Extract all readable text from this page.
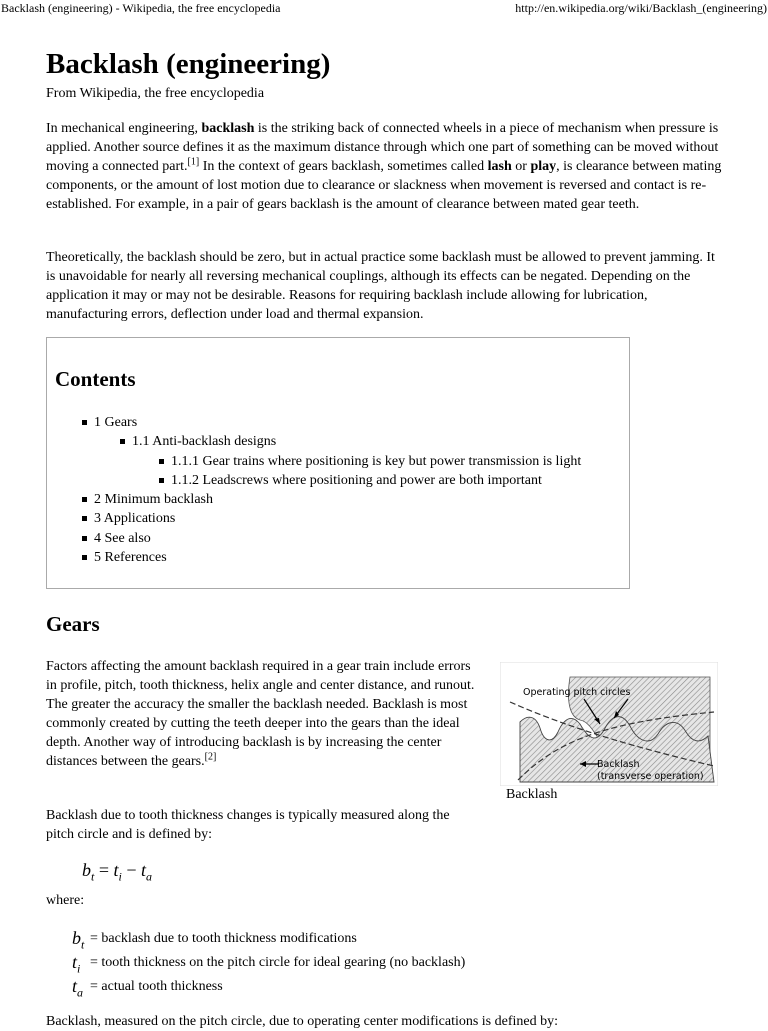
Backlash (engineering) - Wikipedia, the free encyclopedia	http://en.wikipedia.org/wiki/Backlash_(engineering)
Backlash (engineering)
From Wikipedia, the free encyclopedia

In mechanical engineering, backlash is the striking back of connected wheels in a piece of mechanism when pressure is applied. Another source defines it as the maximum distance through which one part of something can be moved without moving a connected part.[1] In the context of gears backlash, sometimes called lash or play, is clearance between mating components, or the amount of lost motion due to clearance or slackness when movement is reversed and contact is re-established. For example, in a pair of gears backlash is the amount of clearance between mated gear teeth.

Theoretically, the backlash should be zero, but in actual practice some backlash must be allowed to prevent jamming. It is unavoidable for nearly all reversing mechanical couplings, although its effects can be negated. Depending on the application it may or may not be desirable. Reasons for requiring backlash include allowing for lubrication, manufacturing errors, deflection under load and thermal expansion.

Contents
1 Gears
1.1 Anti-backlash designs
1.1.1 Gear trains where positioning is key but power transmission is light
1.1.2 Leadscrews where positioning and power are both important
2 Minimum backlash
3 Applications
4 See also
5 References
Gears

Factors affecting the amount backlash required in a gear train include errors in profile, pitch, tooth thickness, helix angle and center distance, and runout. The greater the accuracy the smaller the backlash needed. Backlash is most commonly created by cutting the teeth deeper into the gears than the ideal depth. Another way of introducing backlash is by increasing the center distances between the gears.[2]

Backlash due to tooth thickness changes is typically measured along the pitch circle and is defined by:

$b_t = t_i - t_a$
where:
$b_t$ = backlash due to tooth thickness modifications
$t_i$ = tooth thickness on the pitch circle for ideal gearing (no backlash)
$t_a$ = actual tooth thickness

Backlash, measured on the pitch circle, due to operating center modifications is defined by:

Operating pitch circles
Backlash
(transverse operation)
Backlash
